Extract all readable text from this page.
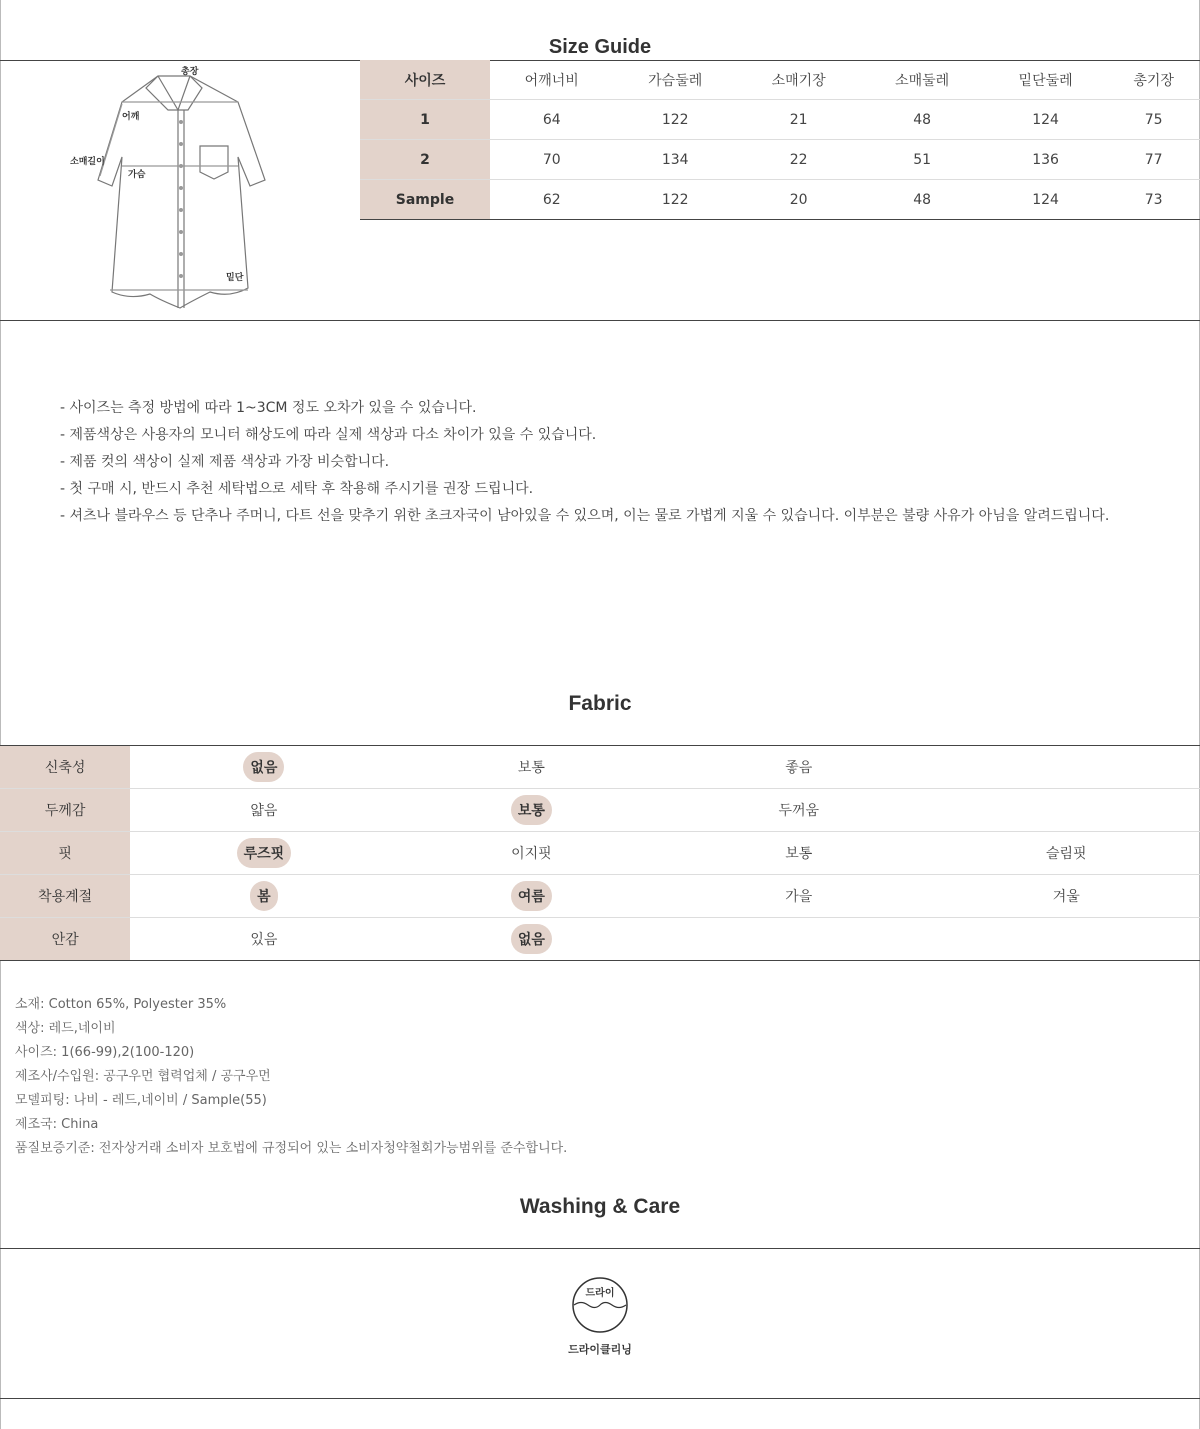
Size Guide
총장
어깨
소매길이
가슴
밑단
사이즈	어깨너비	가슴둘레	소매기장	소매둘레	밑단둘레	총기장
1	64	122	21	48	124	75
2	70	134	22	51	136	77
Sample	62	122	20	48	124	73
- 사이즈는 측정 방법에 따라 1~3CM 정도 오차가 있을 수 있습니다.
- 제품색상은 사용자의 모니터 해상도에 따라 실제 색상과 다소 차이가 있을 수 있습니다.
- 제품 컷의 색상이 실제 제품 색상과 가장 비슷합니다.
- 첫 구매 시, 반드시 추천 세탁법으로 세탁 후 착용해 주시기를 권장 드립니다.
- 셔츠나 블라우스 등 단추나 주머니, 다트 선을 맞추기 위한 초크자국이 남아있을 수 있으며, 이는 물로 가볍게 지울 수 있습니다. 이부분은 불량 사유가 아님을 알려드립니다.
Fabric
신축성	없음	보통	좋음	
두께감	얇음	보통	두꺼움	
핏	루즈핏	이지핏	보통	슬림핏
착용계절	봄	여름	가을	겨울
안감	있음	없음		
소재: Cotton 65%, Polyester 35%
색상: 레드,네이비
사이즈: 1(66-99),2(100-120)
제조사/수입원: 공구우먼 협력업체 / 공구우먼
모델피팅: 나비 - 레드,네이비 / Sample(55)
제조국: China
품질보증기준: 전자상거래 소비자 보호법에 규정되어 있는 소비자청약철회가능범위를 준수합니다.
Washing & Care
드라이
드라이클리닝
